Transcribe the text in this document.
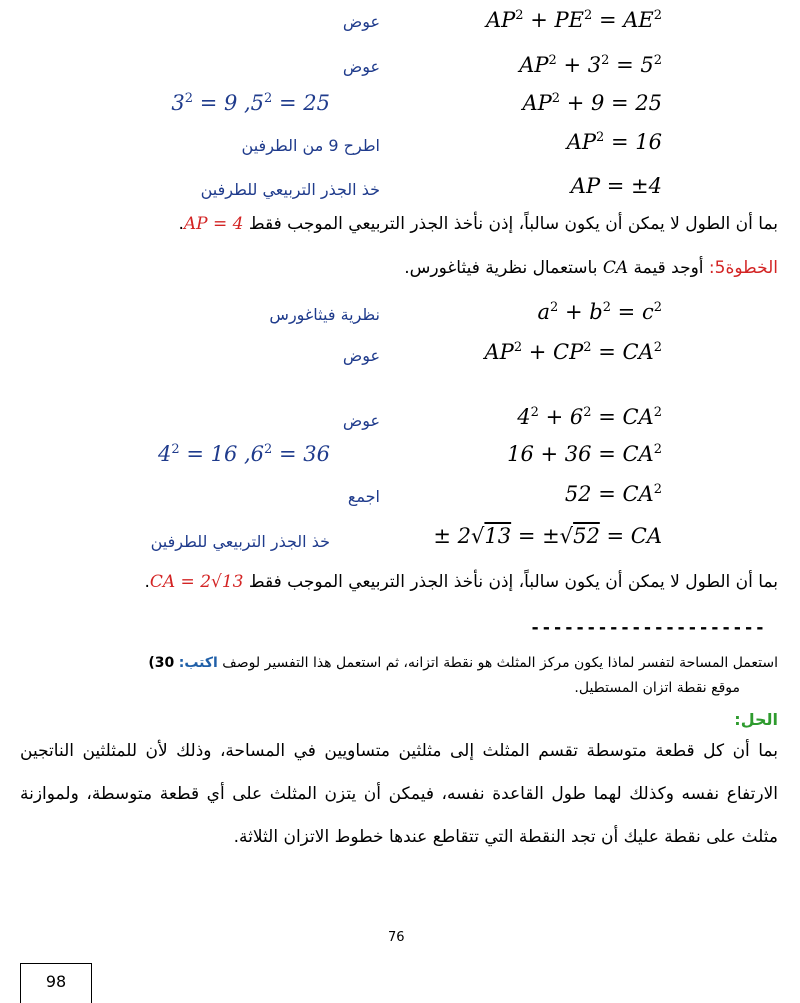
$AP^2 + PE^2 = AE^2$
عوض
$AP^2 + 3^2 = 5^2$
عوض
$AP^2 + 9 = 25$
$3^2 = 9$ $,5^2 = 25$
$AP^2 = 16$
اطرح 9 من الطرفين
AP = ±4
خذ الجذر التربيعي للطرفين
بما أن الطول لا يمكن أن يكون سالباً، إذن نأخذ الجذر التربيعي الموجب فقط AP = 4.
الخطوة5: أوجد قيمة CA باستعمال نظرية فيثاغورس.
$a^2 + b^2 = c^2$
نظرية فيثاغورس
$AP^2 + CP^2 = CA^2$
عوض
$4^2 + 6^2 = CA^2$
عوض
$16 + 36 = CA^2$
$4^2 = 16$ $,6^2 = 36$
$52 = CA^2$
اجمع
± 2√13 = ±√52 = CA
خذ الجذر التربيعي للطرفين
بما أن الطول لا يمكن أن يكون سالباً، إذن نأخذ الجذر التربيعي الموجب فقط CA = 2√13.
---------------------
استعمل المساحة لتفسر لماذا يكون مركز المثلث هو نقطة اتزانه، ثم استعمل هذا التفسير لوصف اكتب: 30)
موقع نقطة اتزان المستطيل.
الحل:
بما أن كل قطعة متوسطة تقسم المثلث إلى مثلثين متساويين في المساحة، وذلك لأن للمثلثين الناتجين الارتفاع نفسه وكذلك لهما طول القاعدة نفسه، فيمكن أن يتزن المثلث على أي قطعة متوسطة، ولموازنة مثلث على نقطة عليك أن تجد النقطة التي تتقاطع عندها خطوط الاتزان الثلاثة.
76
98
